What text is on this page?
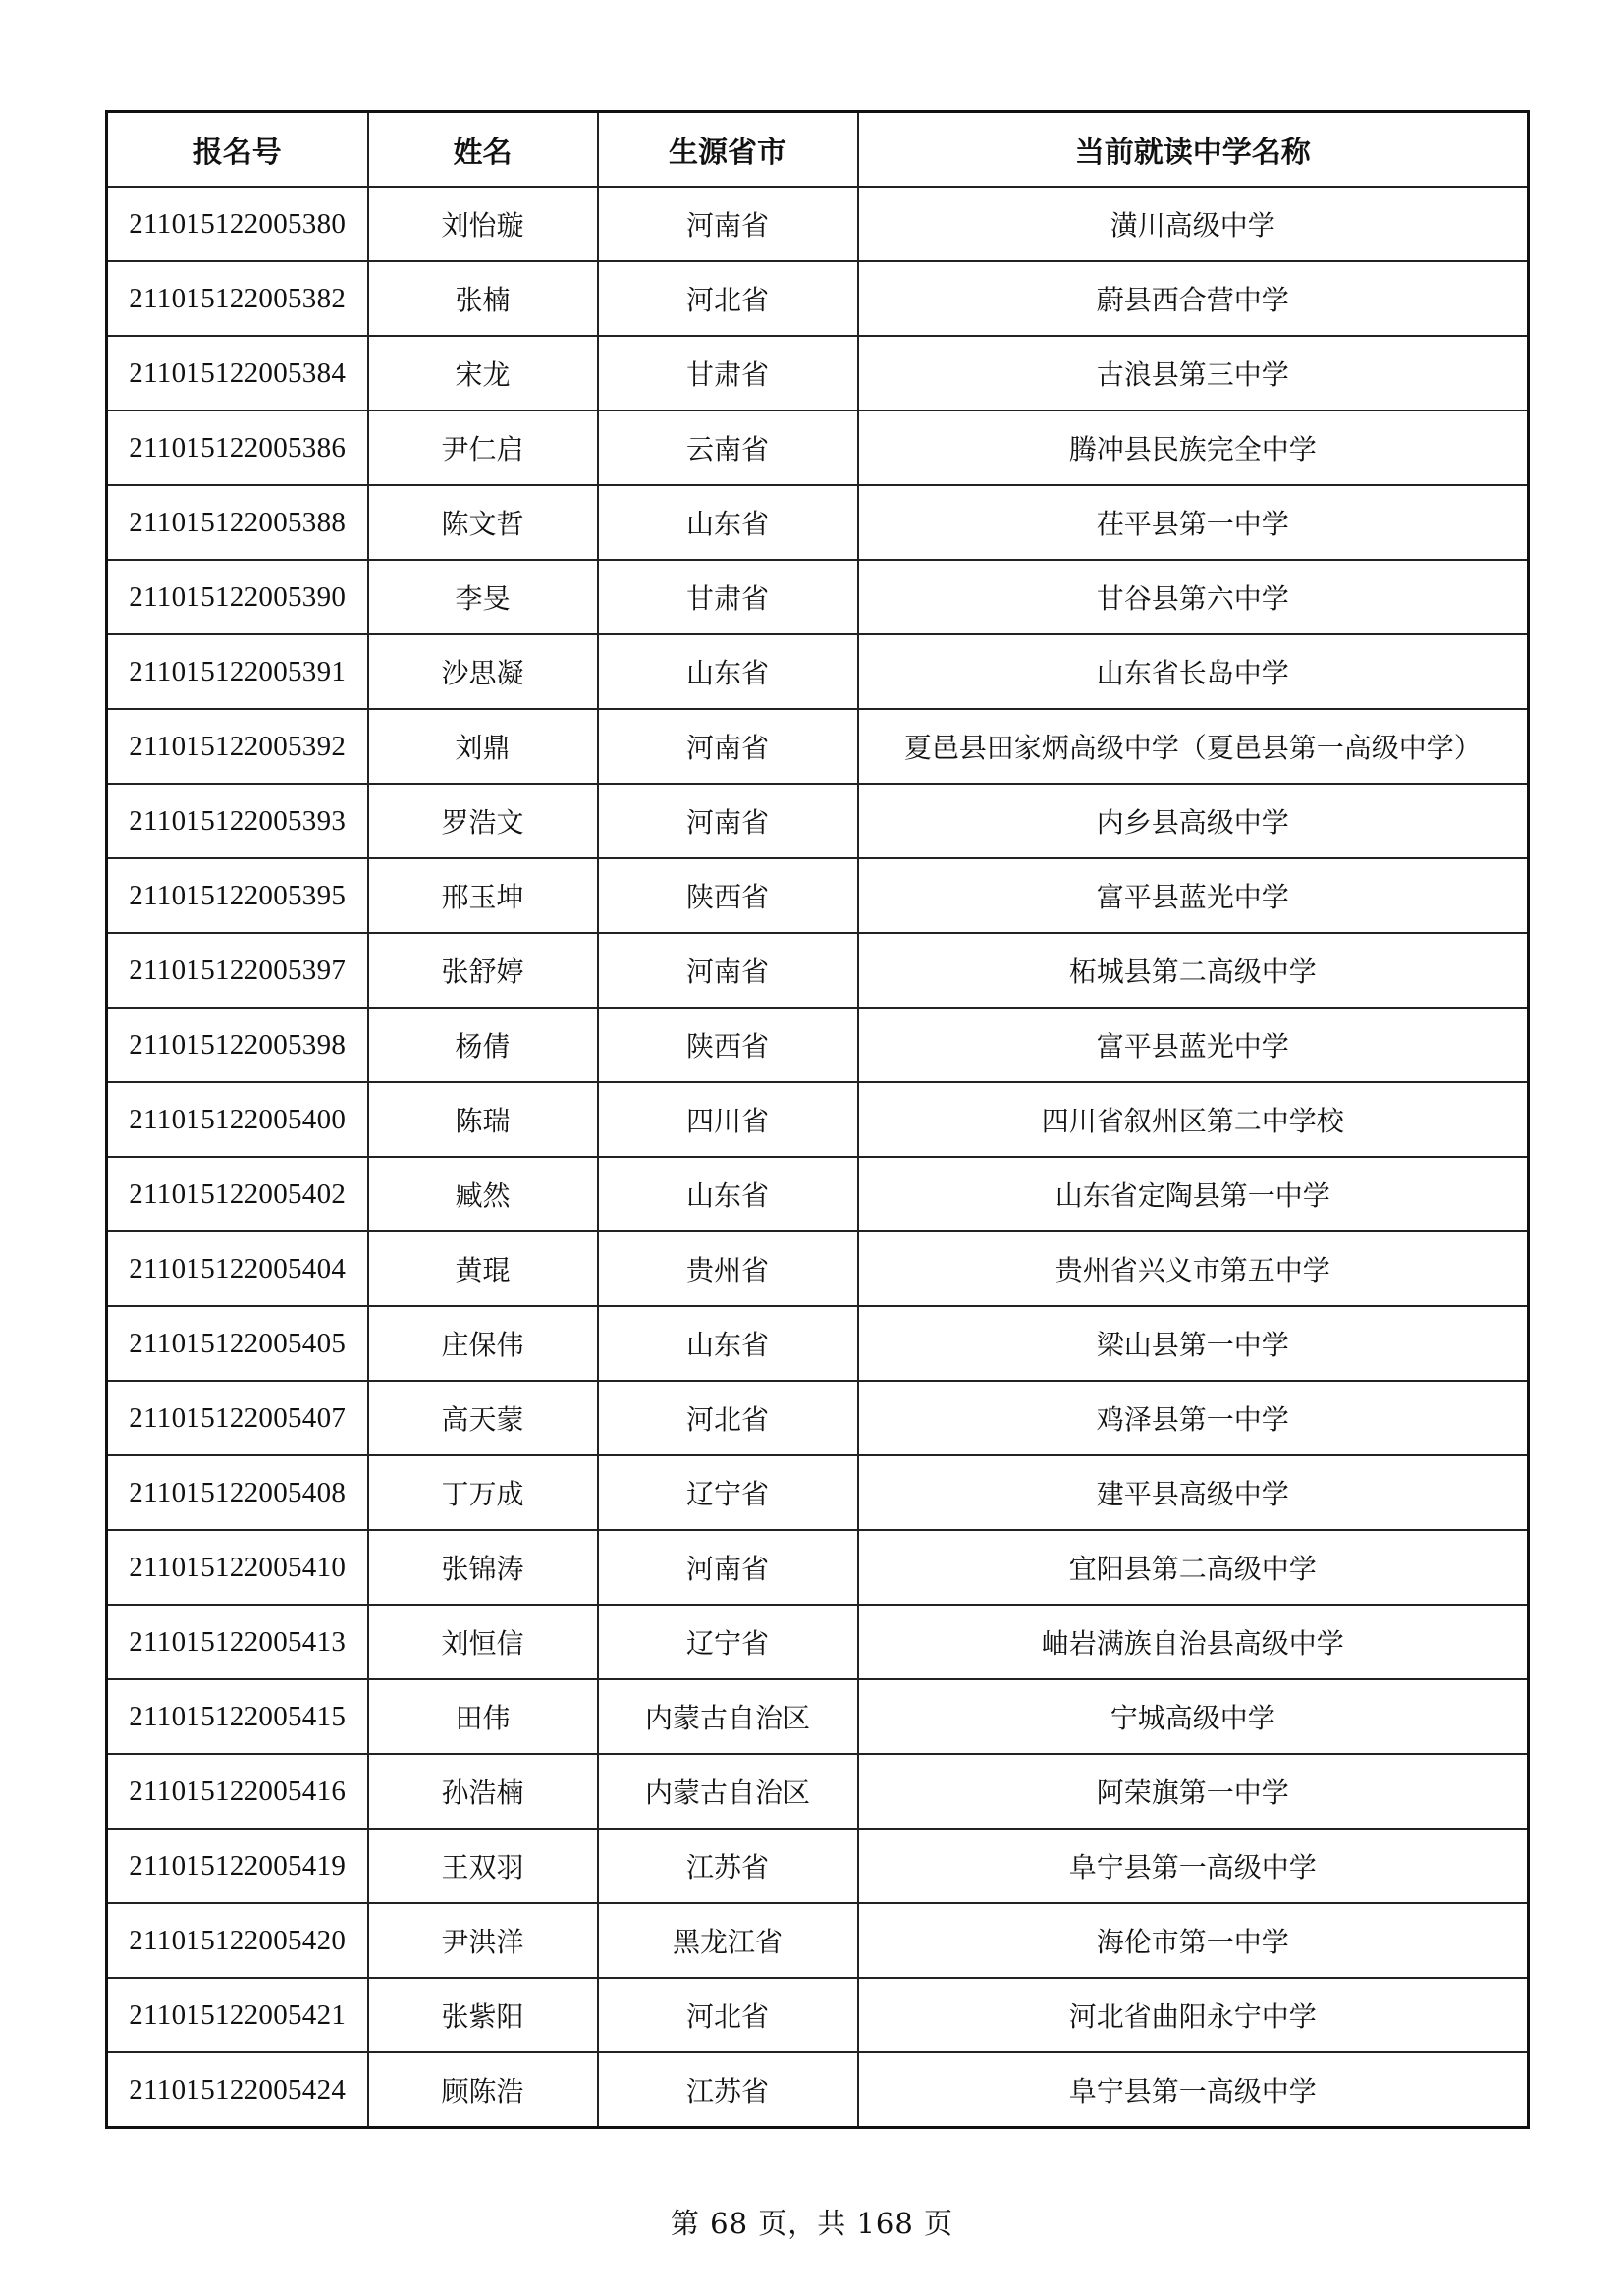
报名号	姓名	生源省市	当前就读中学名称
211015122005380	刘怡璇	河南省	潢川高级中学
211015122005382	张楠	河北省	蔚县西合营中学
211015122005384	宋龙	甘肃省	古浪县第三中学
211015122005386	尹仁启	云南省	腾冲县民族完全中学
211015122005388	陈文哲	山东省	茌平县第一中学
211015122005390	李旻	甘肃省	甘谷县第六中学
211015122005391	沙思凝	山东省	山东省长岛中学
211015122005392	刘鼎	河南省	夏邑县田家炳高级中学（夏邑县第一高级中学）
211015122005393	罗浩文	河南省	内乡县高级中学
211015122005395	邢玉坤	陕西省	富平县蓝光中学
211015122005397	张舒婷	河南省	柘城县第二高级中学
211015122005398	杨倩	陕西省	富平县蓝光中学
211015122005400	陈瑞	四川省	四川省叙州区第二中学校
211015122005402	臧然	山东省	山东省定陶县第一中学
211015122005404	黄琨	贵州省	贵州省兴义市第五中学
211015122005405	庄保伟	山东省	梁山县第一中学
211015122005407	高天蒙	河北省	鸡泽县第一中学
211015122005408	丁万成	辽宁省	建平县高级中学
211015122005410	张锦涛	河南省	宜阳县第二高级中学
211015122005413	刘恒信	辽宁省	岫岩满族自治县高级中学
211015122005415	田伟	内蒙古自治区	宁城高级中学
211015122005416	孙浩楠	内蒙古自治区	阿荣旗第一中学
211015122005419	王双羽	江苏省	阜宁县第一高级中学
211015122005420	尹洪洋	黑龙江省	海伦市第一中学
211015122005421	张紫阳	河北省	河北省曲阳永宁中学
211015122005424	顾陈浩	江苏省	阜宁县第一高级中学
第 68 页，共 168 页
